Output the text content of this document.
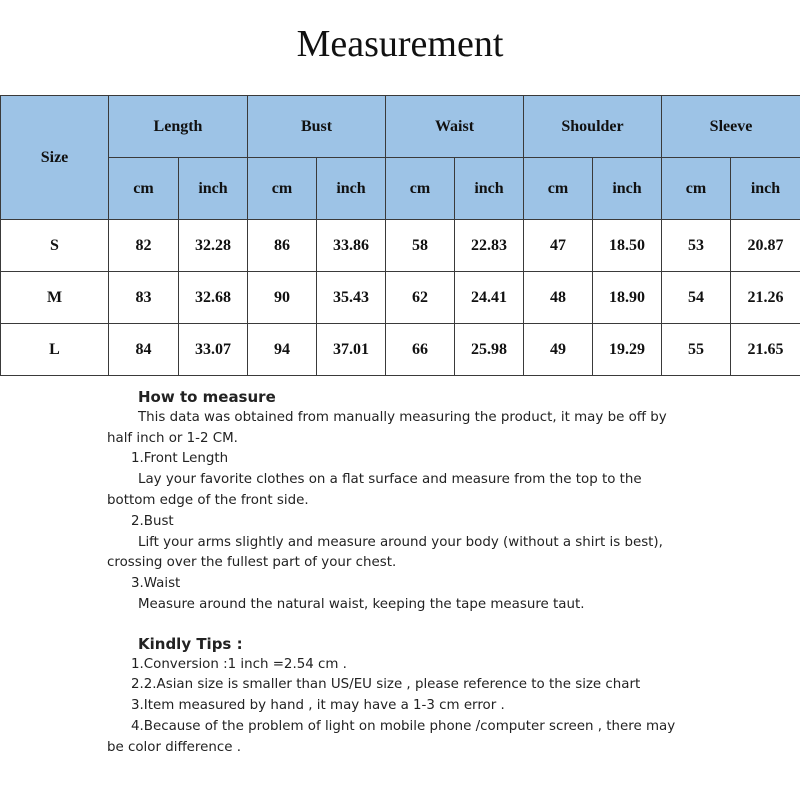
Measurement
Size	Length		Bust		Waist		Shoulder		Sleeve	
	cm	inch	cm	inch	cm	inch	cm	inch	cm	inch
S	82	32.28	86	33.86	58	22.83	47	18.50	53	20.87
M	83	32.68	90	35.43	62	24.41	48	18.90	54	21.26
L	84	33.07	94	37.01	66	25.98	49	19.29	55	21.65
How to measure
This data was obtained from manually measuring the product, it may be off by
half inch or 1-2 CM.
1.Front Length
Lay your favorite clothes on a flat surface and measure from the top to the
bottom edge of the front side.
2.Bust
Lift your arms slightly and measure around your body (without a shirt is best),
crossing over the fullest part of your chest.
3.Waist
Measure around the natural waist, keeping the tape measure taut.
Kindly Tips :
1.Conversion :1 inch =2.54 cm .
2.2.Asian size is smaller than US/EU size , please reference to the size chart
3.Item measured by hand , it may have a 1-3 cm error .
4.Because of the problem of light on mobile phone /computer screen , there may
be color difference .
